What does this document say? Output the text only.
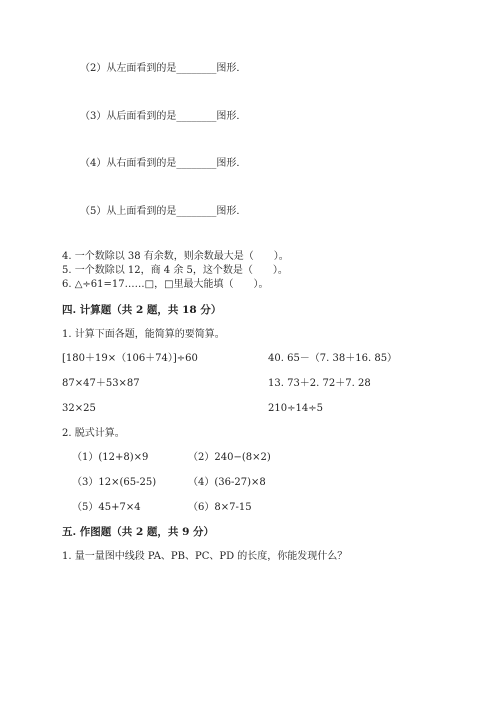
（2）从左面看到的是________图形．
（3）从后面看到的是________图形．
（4）从右面看到的是________图形．
（5）从上面看到的是________图形．
4. 一个数除以 38 有余数，则余数最大是（　　）。
5. 一个数除以 12，商 4 余 5，这个数是（　　）。
6. △÷61=17……□，□里最大能填（　　）。
四. 计算题（共 2 题，共 18 分）
1. 计算下面各题，能简算的要简算。
[180＋19×（106＋74）]÷60	40. 65－（7. 38＋16. 85）
87×47＋53×87	13. 73＋2. 72＋7. 28
32×25	210÷14÷5
2. 脱式计算。
（1）(12+8)×9	（2）240−(8×2)
（3）12×(65-25)	（4）(36-27)×8
（5）45+7×4	（6）8×7-15
五. 作图题（共 2 题，共 9 分）
1. 量一量图中线段 PA、PB、PC、PD 的长度，你能发现什么？
